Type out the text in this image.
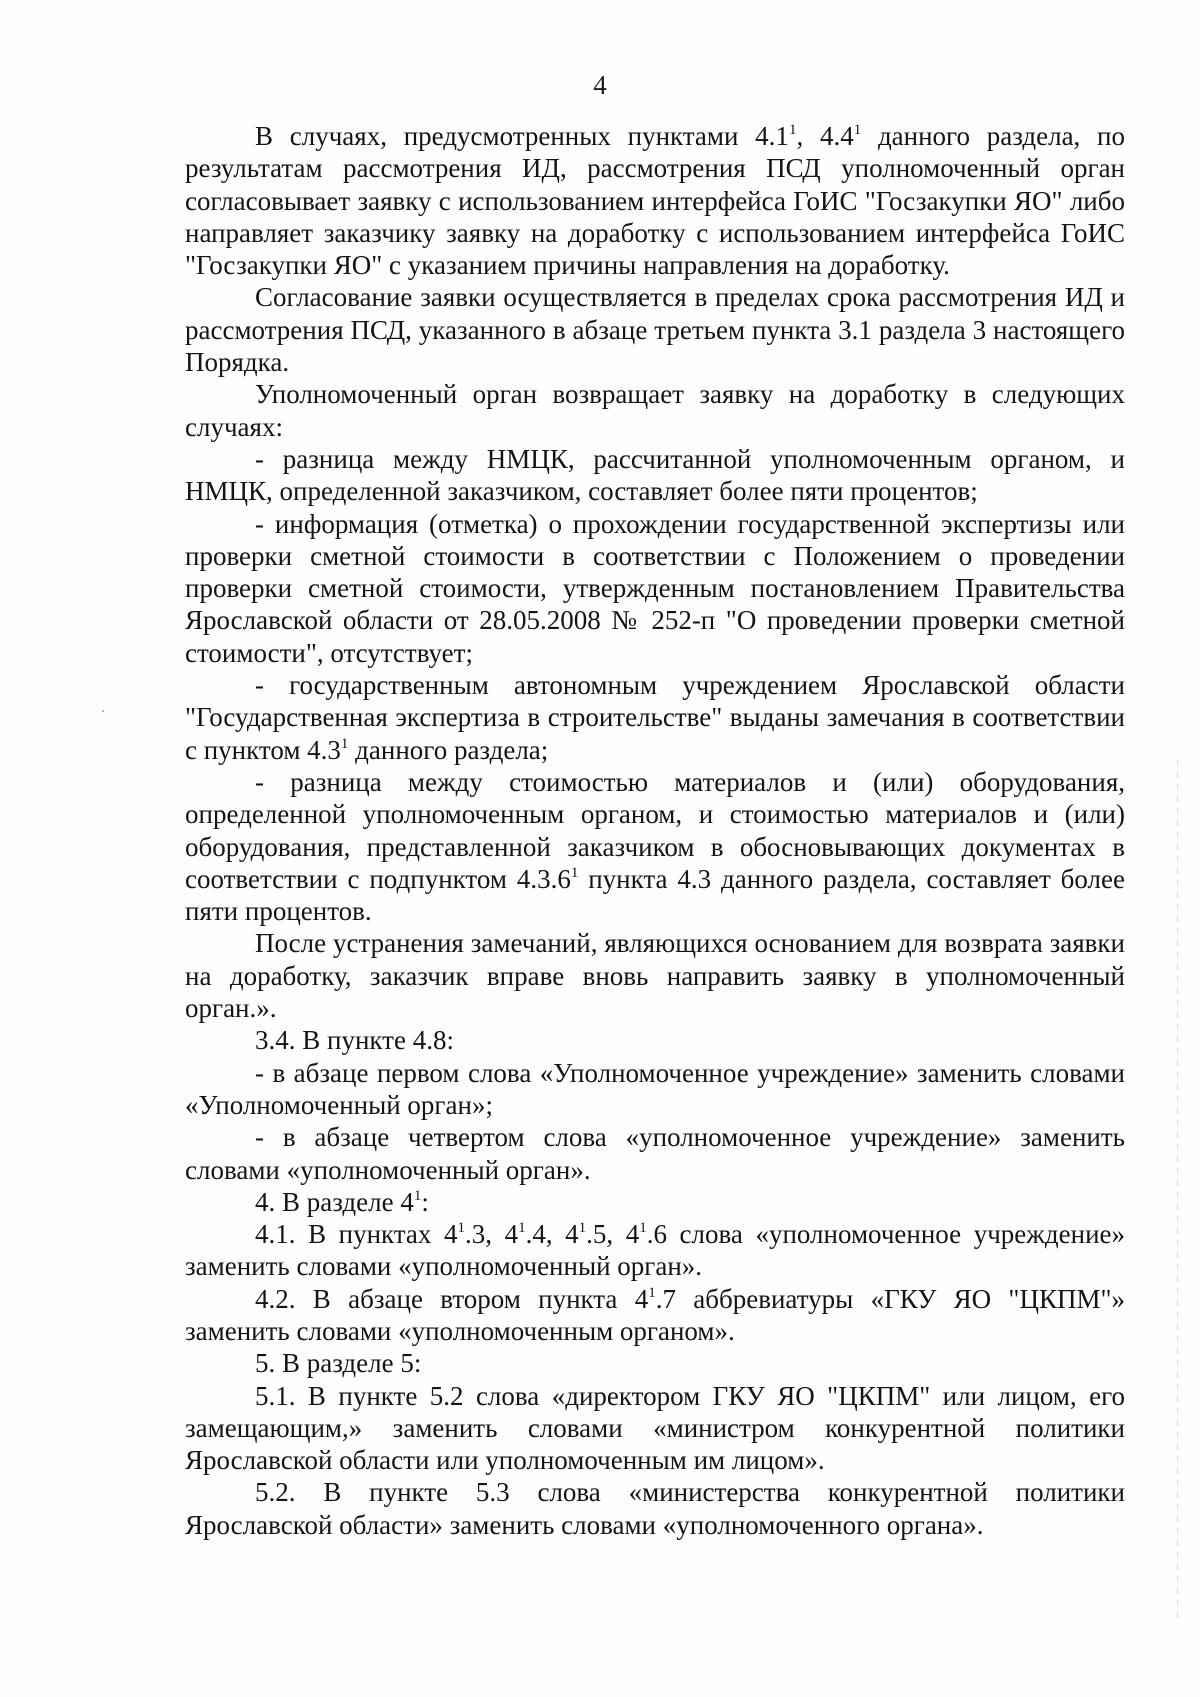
4

В случаях, предусмотренных пунктами $4.1^1$, $4.4^1$ данного раздела, по результатам рассмотрения ИД, рассмотрения ПСД уполномоченный орган согласовывает заявку с использованием интерфейса ГоИС "Госзакупки ЯО" либо направляет заказчику заявку на доработку с использованием интерфейса ГоИС "Госзакупки ЯО" с указанием причины направления на доработку.

Согласование заявки осуществляется в пределах срока рассмотрения ИД и рассмотрения ПСД, указанного в абзаце третьем пункта 3.1 раздела 3 настоящего Порядка.

Уполномоченный орган возвращает заявку на доработку в следующих случаях:

- разница между НМЦК, рассчитанной уполномоченным органом, и НМЦК, определенной заказчиком, составляет более пяти процентов;

- информация (отметка) о прохождении государственной экспертизы или проверки сметной стоимости в соответствии с Положением о проведении проверки сметной стоимости, утвержденным постановлением Правительства Ярославской области от 28.05.2008 № 252-п "О проведении проверки сметной стоимости", отсутствует;

- государственным автономным учреждением Ярославской области "Государственная экспертиза в строительстве" выданы замечания в соответствии с пунктом $4.3^1$ данного раздела;

- разница между стоимостью материалов и (или) оборудования, определенной уполномоченным органом, и стоимостью материалов и (или) оборудования, представленной заказчиком в обосновывающих документах в соответствии с подпунктом 4.3.6$^1$ пункта 4.3 данного раздела, составляет более пяти процентов.

После устранения замечаний, являющихся основанием для возврата заявки на доработку, заказчик вправе вновь направить заявку в уполномоченный орган.».

3.4. В пункте 4.8:

- в абзаце первом слова «Уполномоченное учреждение» заменить словами «Уполномоченный орган»;

- в абзаце четвертом слова «уполномоченное учреждение» заменить словами «уполномоченный орган».

4. В разделе $4^1$:

4.1. В пунктах $4^1.3$, $4^1.4$, $4^1.5$, $4^1.6$ слова «уполномоченное учреждение» заменить словами «уполномоченный орган».

4.2. В абзаце втором пункта $4^1.7$ аббревиатуры «ГКУ ЯО "ЦКПМ"» заменить словами «уполномоченным органом».

5. В разделе 5:

5.1. В пункте 5.2 слова «директором ГКУ ЯО "ЦКПМ" или лицом, его замещающим,» заменить словами «министром конкурентной политики Ярославской области или уполномоченным им лицом».

5.2. В пункте 5.3 слова «министерства конкурентной политики Ярославской области» заменить словами «уполномоченного органа».
